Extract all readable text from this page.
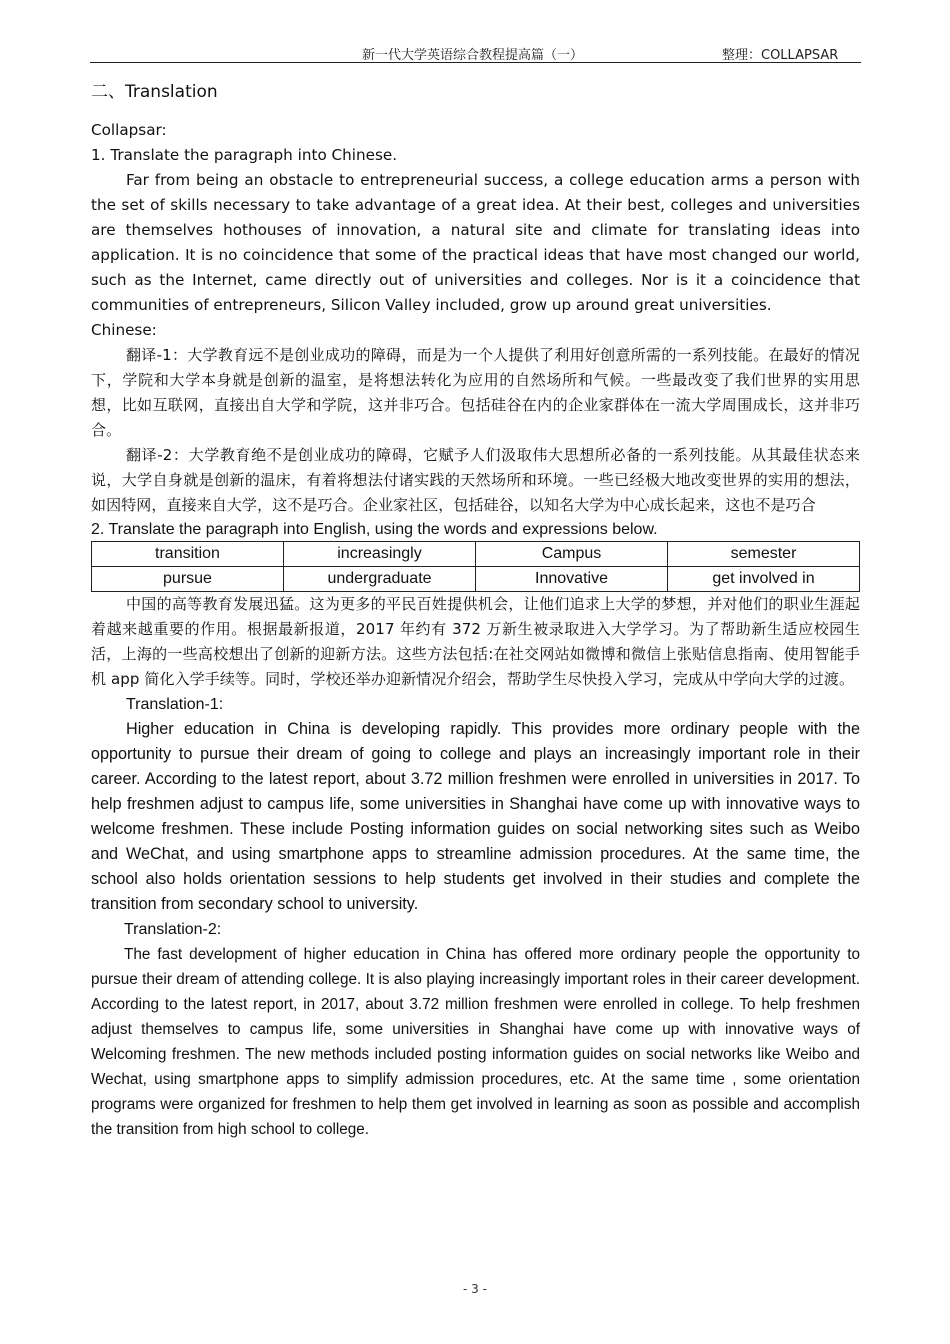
新一代大学英语综合教程提高篇（一）	整理：COLLAPSAR
二、Translation

Collapsar:

1. Translate the paragraph into Chinese.

Far from being an obstacle to entrepreneurial success, a college education arms a person with the set of skills necessary to take advantage of a great idea. At their best, colleges and universities are themselves hothouses of innovation, a natural site and climate for translating ideas into application. It is no coincidence that some of the practical ideas that have most changed our world, such as the Internet, came directly out of universities and colleges. Nor is it a coincidence that communities of entrepreneurs, Silicon Valley included, grow up around great universities.

Chinese:

翻译-1：大学教育远不是创业成功的障碍，而是为一个人提供了利用好创意所需的一系列技能。在最好的情况下，学院和大学本身就是创新的温室，是将想法转化为应用的自然场所和气候。一些最改变了我们世界的实用思想，比如互联网，直接出自大学和学院，这并非巧合。包括硅谷在内的企业家群体在一流大学周围成长，这并非巧合。

翻译-2：大学教育绝不是创业成功的障碍，它赋予人们汲取伟大思想所必备的一系列技能。从其最佳状态来说，大学自身就是创新的温床，有着将想法付诸实践的天然场所和环境。一些已经极大地改变世界的实用的想法，如因特网，直接来自大学，这不是巧合。企业家社区，包括硅谷，以知名大学为中心成长起来，这也不是巧合

2. Translate the paragraph into English, using the words and expressions below.

transition	increasingly	Campus	semester
pursue	undergraduate	Innovative	get involved in

中国的高等教育发展迅猛。这为更多的平民百姓提供机会，让他们追求上大学的梦想，并对他们的职业生涯起着越来越重要的作用。根据最新报道，2017 年约有 372 万新生被录取进入大学学习。为了帮助新生适应校园生活，上海的一些高校想出了创新的迎新方法。这些方法包括:在社交网站如微博和微信上张贴信息指南、使用智能手机 app 简化入学手续等。同时，学校还举办迎新情况介绍会，帮助学生尽快投入学习，完成从中学向大学的过渡。

Translation-1:

Higher education in China is developing rapidly. This provides more ordinary people with the opportunity to pursue their dream of going to college and plays an increasingly important role in their career. According to the latest report, about 3.72 million freshmen were enrolled in universities in 2017. To help freshmen adjust to campus life, some universities in Shanghai have come up with innovative ways to welcome freshmen. These include Posting information guides on social networking sites such as Weibo and WeChat, and using smartphone apps to streamline admission procedures. At the same time, the school also holds orientation sessions to help students get involved in their studies and complete the transition from secondary school to university.

Translation-2:

The fast development of higher education in China has offered more ordinary people the opportunity to pursue their dream of attending college. It is also playing increasingly important roles in their career development. According to the latest report, in 2017, about 3.72 million freshmen were enrolled in college. To help freshmen adjust themselves to campus life, some universities in Shanghai have come up with innovative ways of Welcoming freshmen. The new methods included posting information guides on social networks like Weibo and Wechat, using smartphone apps to simplify admission procedures, etc. At the same time , some orientation programs were organized for freshmen to help them get involved in learning as soon as possible and accomplish the transition from high school to college.

- 3 -
